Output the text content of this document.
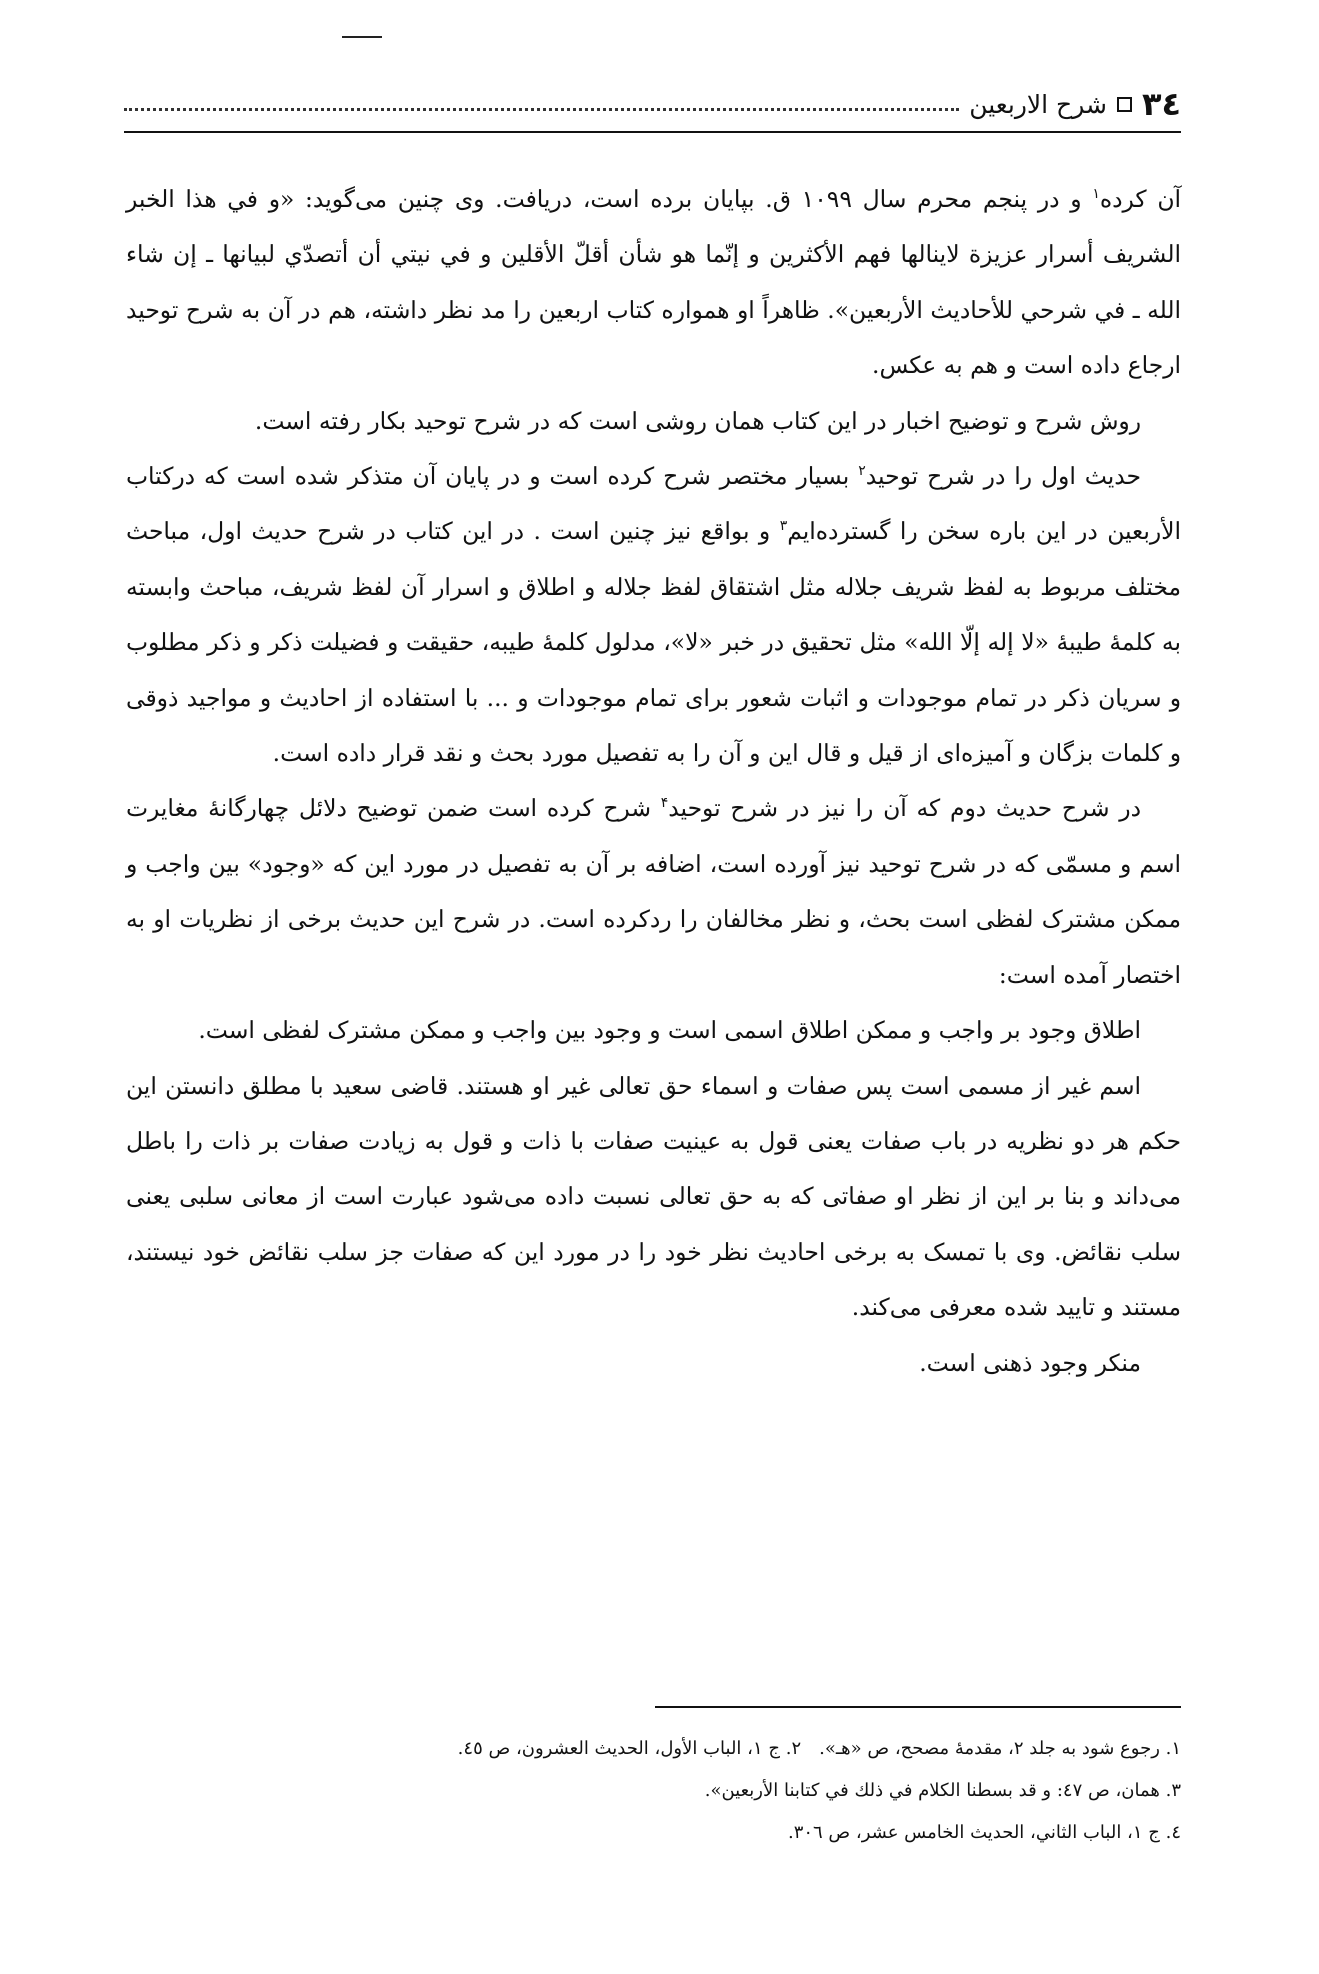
٣٤
شرح الاربعين

آن کرده$^۱$ و در پنجم محرم سال ۱۰۹۹ ق. بپایان برده است، دریافت. وی چنین می‌گوید: «و في هذا الخبر الشريف أسرار عزيزة لاينالها فهم الأكثرين و إنّما هو شأن أقلّ الأقلين و في نيتي أن أتصدّي لبيانها ـ إن شاء الله ـ في شرحي للأحاديث الأربعين». ظاهراً او همواره کتاب اربعین را مد نظر داشته، هم در آن به شرح توحید ارجاع داده است و هم به عکس.

روش شرح و توضیح اخبار در این کتاب همان روشی است که در شرح توحید بکار رفته است.

حدیث اول را در شرح توحید$^۲$ بسیار مختصر شرح کرده است و در پایان آن متذکر شده است که درکتاب الأربعین در این باره سخن را گسترده‌ایم$^۳$ و بواقع نیز چنین است . در این کتاب در شرح حدیث اول، مباحث مختلف مربوط به لفظ شریف جلاله مثل اشتقاق لفظ جلاله و اطلاق و اسرار آن لفظ شریف، مباحث وابسته به کلمهٔ طیبهٔ «لا إله إلّا الله» مثل تحقیق در خبر «لا»، مدلول کلمهٔ طیبه، حقیقت و فضیلت ذکر و ذکر مطلوب و سریان ذکر در تمام موجودات و اثبات شعور برای تمام موجودات و ... با استفاده از احادیث و مواجید ذوقی و کلمات بزگان و آمیزه‌ای از قیل و قال این و آن را به تفصیل مورد بحث و نقد قرار داده است.

در شرح حدیث دوم که آن را نیز در شرح توحید$^۴$ شرح کرده است ضمن توضیح دلائل چهارگانهٔ مغایرت اسم و مسمّی که در شرح توحید نیز آورده است، اضافه بر آن به تفصیل در مورد این که «وجود» بین واجب و ممکن مشترک لفظی است بحث، و نظر مخالفان را ردکرده است. در شرح این حدیث برخی از نظریات او به اختصار آمده است:

اطلاق وجود بر واجب و ممکن اطلاق اسمی است و وجود بین واجب و ممکن مشترک لفظی است.

اسم غیر از مسمی است پس صفات و اسماء حق تعالی غیر او هستند. قاضی سعید با مطلق دانستن این حکم هر دو نظریه در باب صفات یعنی قول به عینیت صفات با ذات و قول به زیادت صفات بر ذات را باطل می‌داند و بنا بر این از نظر او صفاتی که به حق تعالی نسبت داده می‌شود عبارت است از معانی سلبی یعنی سلب نقائض. وی با تمسک به برخی احادیث نظر خود را در مورد این که صفات جز سلب نقائض خود نیستند، مستند و تایید شده معرفی می‌کند.

منکر وجود ذهنی است.

۱. رجوع شود به جلد ۲، مقدمهٔ مصحح، ص «هـ».۲. ج ۱، الباب الأول، الحديث العشرون، ص ٤٥.

۳. همان، ص ٤٧: و قد بسطنا الكلام في ذلك في كتابنا الأربعين».

٤. ج ۱، الباب الثاني، الحديث الخامس عشر، ص ۳۰٦.
